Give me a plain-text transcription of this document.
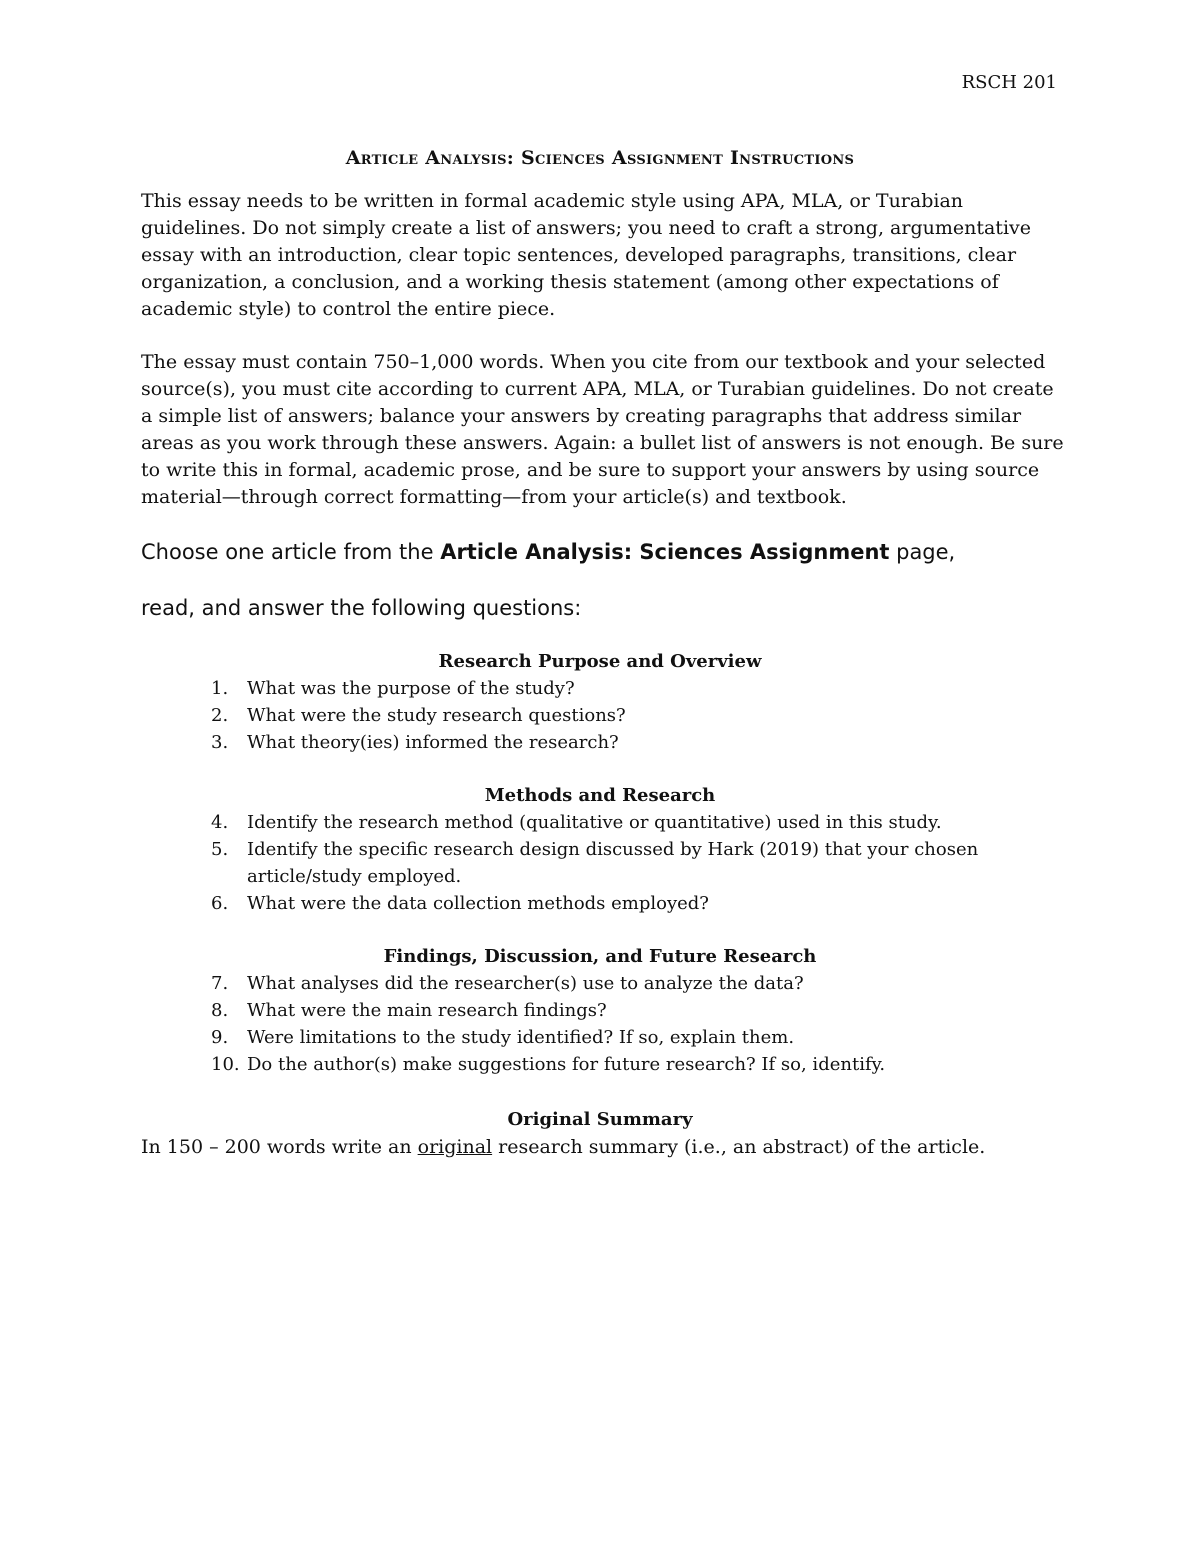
RSCH 201
Article Analysis: Sciences Assignment Instructions

This essay needs to be written in formal academic style using APA, MLA, or Turabian guidelines. Do not simply create a list of answers; you need to craft a strong, argumentative essay with an introduction, clear topic sentences, developed paragraphs, transitions, clear organization, a conclusion, and a working thesis statement (among other expectations of academic style) to control the entire piece.

The essay must contain 750–1,000 words. When you cite from our textbook and your selected source(s), you must cite according to current APA, MLA, or Turabian guidelines. Do not create a simple list of answers; balance your answers by creating paragraphs that address similar areas as you work through these answers. Again: a bullet list of answers is not enough. Be sure to write this in formal, academic prose, and be sure to support your answers by using source material—through correct formatting—from your article(s) and textbook.

Choose one article from the Article Analysis: Sciences Assignment page,

read, and answer the following questions:

Research Purpose and Overview

1. What was the purpose of the study?
2. What were the study research questions?
3. What theory(ies) informed the research?

Methods and Research

4. Identify the research method (qualitative or quantitative) used in this study.
5. Identify the specific research design discussed by Hark (2019) that your chosen article/study employed.
6. What were the data collection methods employed?

Findings, Discussion, and Future Research

7. What analyses did the researcher(s) use to analyze the data?
8. What were the main research findings?
9. Were limitations to the study identified? If so, explain them.
10. Do the author(s) make suggestions for future research? If so, identify.

Original Summary

In 150 – 200 words write an original research summary (i.e., an abstract) of the article.
